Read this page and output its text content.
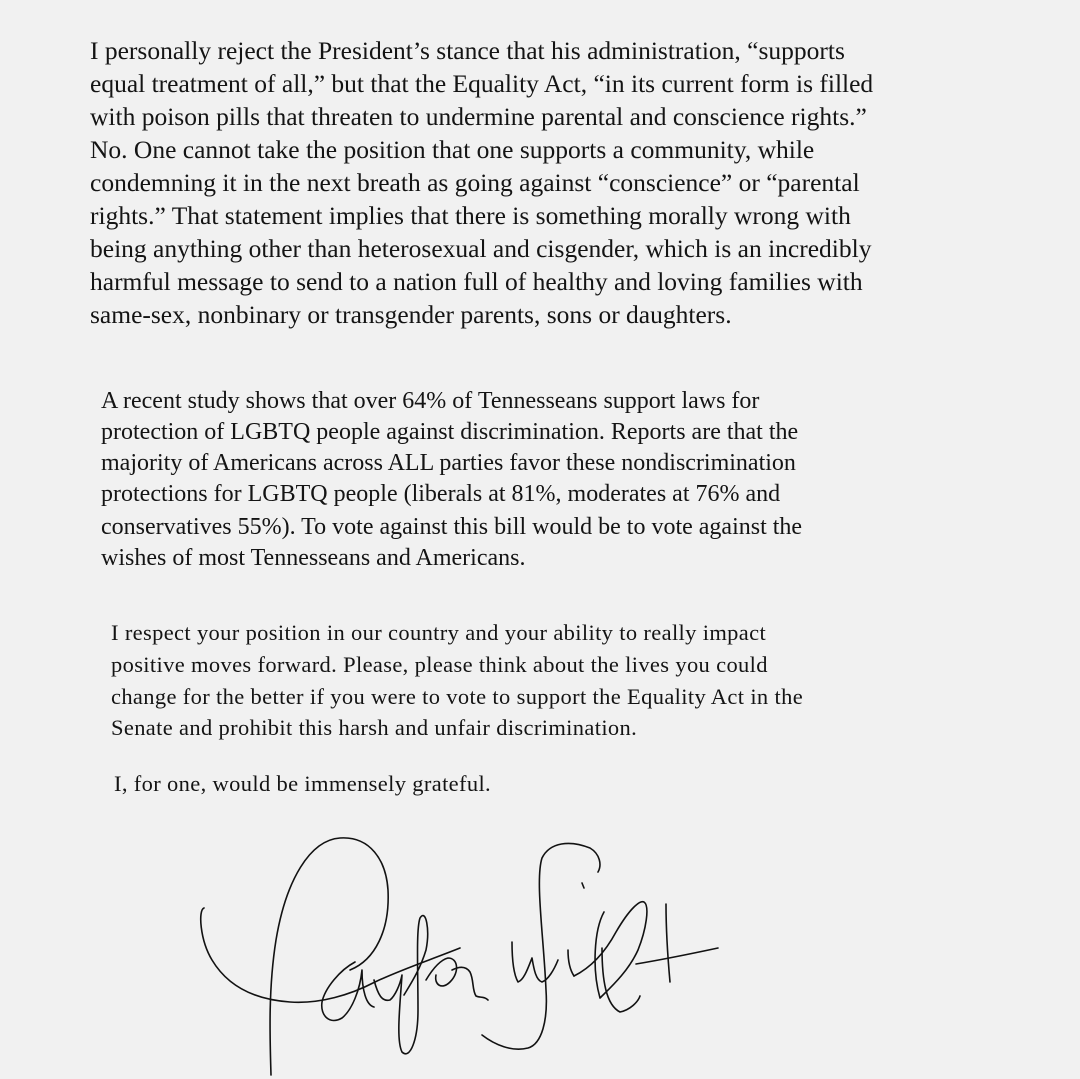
I personally reject the President’s stance that his administration, “supports
equal treatment of all,” but that the Equality Act, “in its current form is filled
with poison pills that threaten to undermine parental and conscience rights.”
No. One cannot take the position that one supports a community, while
condemning it in the next breath as going against “conscience” or “parental
rights.” That statement implies that there is something morally wrong with
being anything other than heterosexual and cisgender, which is an incredibly
harmful message to send to a nation full of healthy and loving families with
same-sex, nonbinary or transgender parents, sons or daughters.

A recent study shows that over 64% of Tennesseans support laws for
protection of LGBTQ people against discrimination. Reports are that the
majority of Americans across ALL parties favor these nondiscrimination
protections for LGBTQ people (liberals at 81%, moderates at 76% and
conservatives 55%). To vote against this bill would be to vote against the
wishes of most Tennesseans and Americans.

I respect your position in our country and your ability to really impact
positive moves forward. Please, please think about the lives you could
change for the better if you were to vote to support the Equality Act in the
Senate and prohibit this harsh and unfair discrimination.

I, for one, would be immensely grateful.
